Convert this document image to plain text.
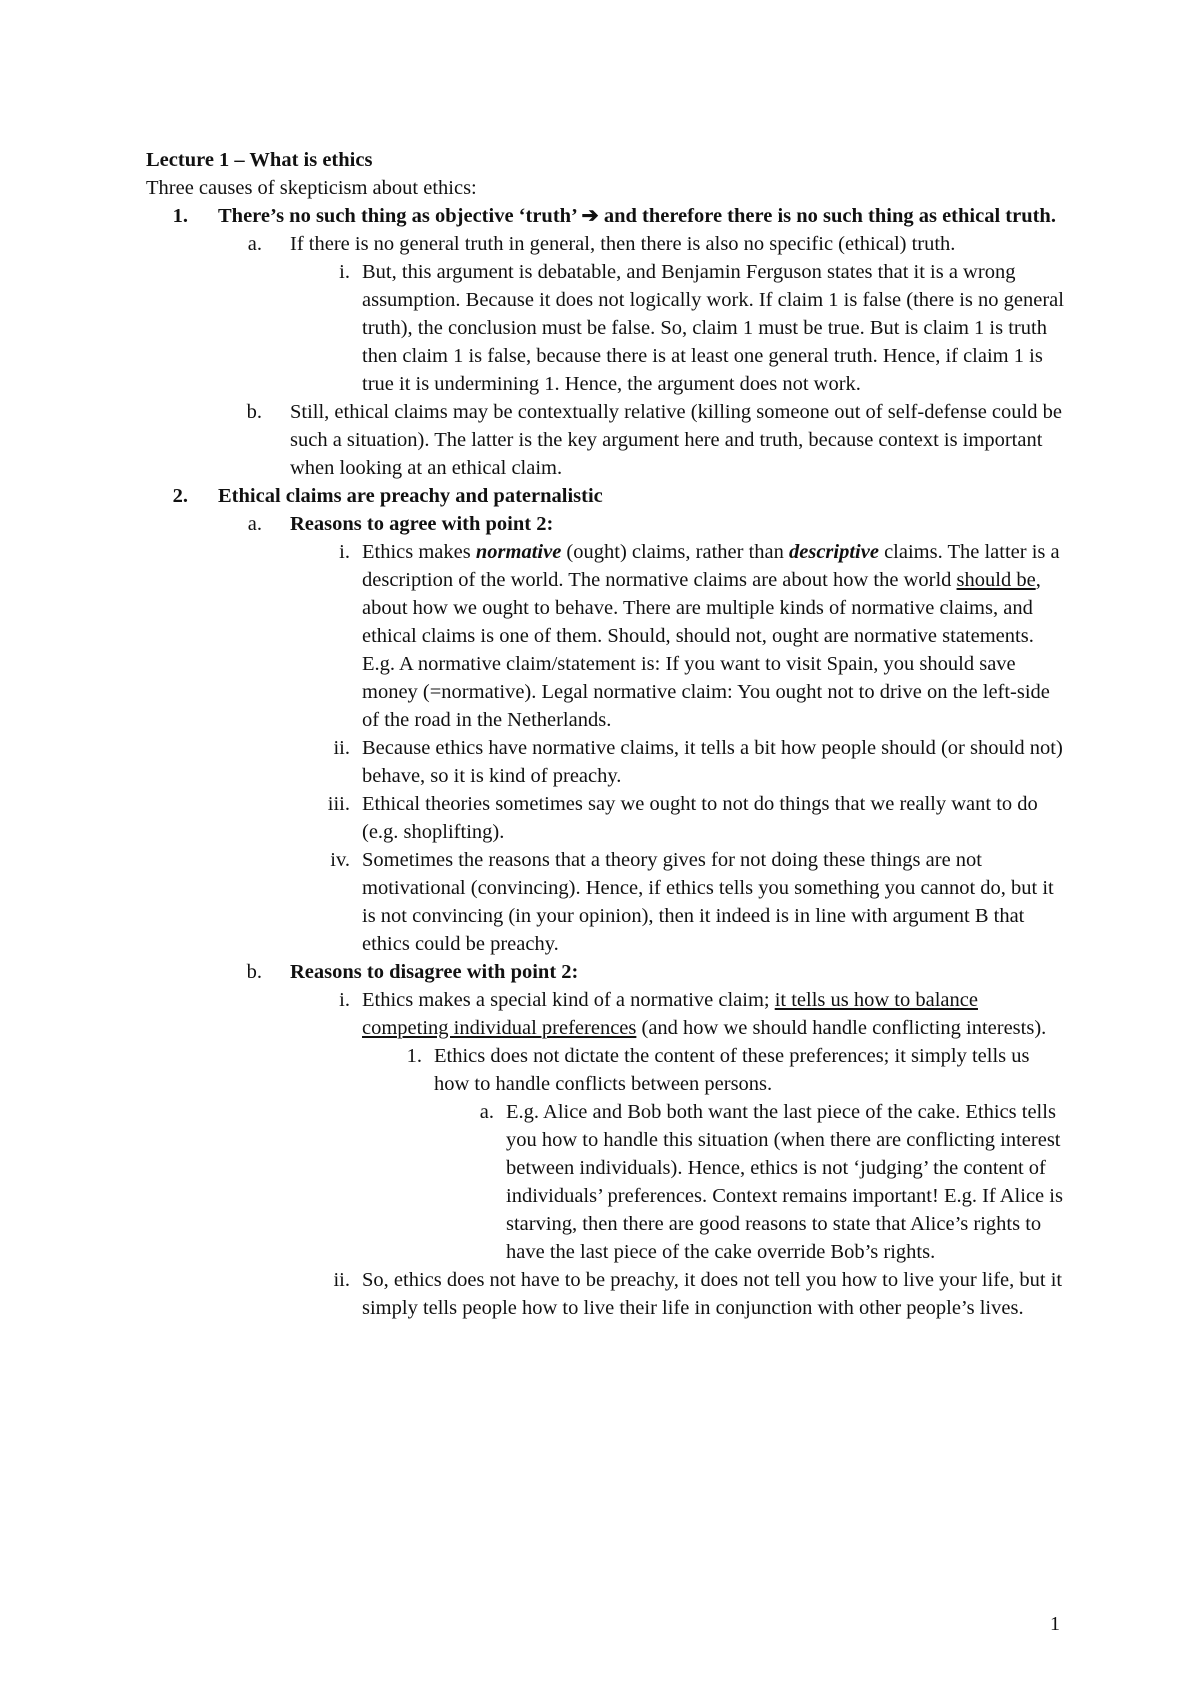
Lecture 1 – What is ethics
Three causes of skepticism about ethics:
1. There’s no such thing as objective ‘truth’ ➔ and therefore there is no such thing as ethical truth.
a. If there is no general truth in general, then there is also no specific (ethical) truth.
i. But, this argument is debatable, and Benjamin Ferguson states that it is a wrong assumption. Because it does not logically work. If claim 1 is false (there is no general truth), the conclusion must be false. So, claim 1 must be true. But is claim 1 is truth then claim 1 is false, because there is at least one general truth. Hence, if claim 1 is true it is undermining 1. Hence, the argument does not work.
b. Still, ethical claims may be contextually relative (killing someone out of self-defense could be such a situation). The latter is the key argument here and truth, because context is important when looking at an ethical claim.
2. Ethical claims are preachy and paternalistic
a. Reasons to agree with point 2:
i. Ethics makes normative (ought) claims, rather than descriptive claims. The latter is a description of the world. The normative claims are about how the world should be, about how we ought to behave. There are multiple kinds of normative claims, and ethical claims is one of them. Should, should not, ought are normative statements. E.g. A normative claim/statement is: If you want to visit Spain, you should save money (=normative). Legal normative claim: You ought not to drive on the left-side of the road in the Netherlands.
ii. Because ethics have normative claims, it tells a bit how people should (or should not) behave, so it is kind of preachy.
iii. Ethical theories sometimes say we ought to not do things that we really want to do (e.g. shoplifting).
iv. Sometimes the reasons that a theory gives for not doing these things are not motivational (convincing). Hence, if ethics tells you something you cannot do, but it is not convincing (in your opinion), then it indeed is in line with argument B that ethics could be preachy.
b. Reasons to disagree with point 2:
i. Ethics makes a special kind of a normative claim; it tells us how to balance competing individual preferences (and how we should handle conflicting interests).
1. Ethics does not dictate the content of these preferences; it simply tells us how to handle conflicts between persons.
a. E.g. Alice and Bob both want the last piece of the cake. Ethics tells you how to handle this situation (when there are conflicting interest between individuals). Hence, ethics is not ‘judging’ the content of individuals’ preferences. Context remains important! E.g. If Alice is starving, then there are good reasons to state that Alice’s rights to have the last piece of the cake override Bob’s rights.
ii. So, ethics does not have to be preachy, it does not tell you how to live your life, but it simply tells people how to live their life in conjunction with other people’s lives.
1
